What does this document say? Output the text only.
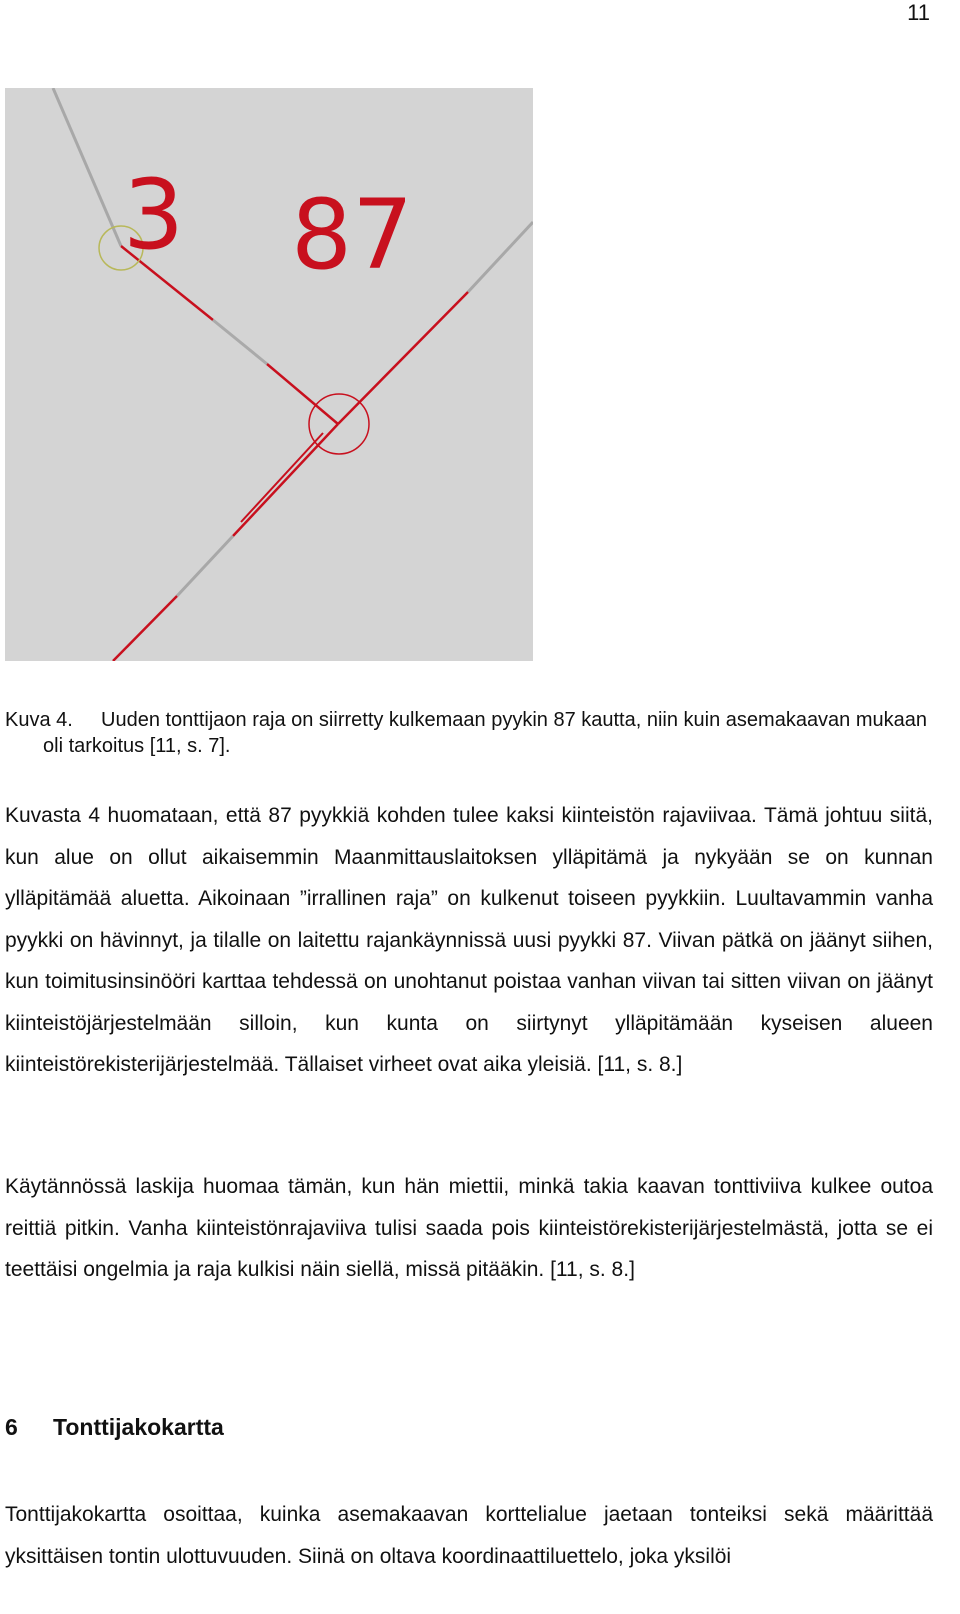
11
3 87
Kuva 4. Uuden tonttijaon raja on siirretty kulkemaan pyykin 87 kautta, niin kuin asemakaavan mukaan oli tarkoitus [11, s. 7].

Kuvasta 4 huomataan, että 87 pyykkiä kohden tulee kaksi kiinteistön rajaviivaa. Tämä johtuu siitä, kun alue on ollut aikaisemmin Maanmittauslaitoksen ylläpitämä ja nykyään se on kunnan ylläpitämää aluetta. Aikoinaan ”irrallinen raja” on kulkenut toiseen pyykkiin. Luultavammin vanha pyykki on hävinnyt, ja tilalle on laitettu rajankäynnissä uusi pyykki 87. Viivan pätkä on jäänyt siihen, kun toimitusinsinööri karttaa tehdessä on unohtanut poistaa vanhan viivan tai sitten viivan on jäänyt kiinteistöjärjestelmään silloin, kun kunta on siirtynyt ylläpitämään kyseisen alueen kiinteistörekisterijärjestelmää. Tällaiset virheet ovat aika yleisiä. [11, s. 8.]

Käytännössä laskija huomaa tämän, kun hän miettii, minkä takia kaavan tonttiviiva kulkee outoa reittiä pitkin. Vanha kiinteistönrajaviiva tulisi saada pois kiinteistörekisterijärjestelmästä, jotta se ei teettäisi ongelmia ja raja kulkisi näin siellä, missä pitääkin. [11, s. 8.]

6 Tonttijakokartta

Tonttijakokartta osoittaa, kuinka asemakaavan korttelialue jaetaan tonteiksi sekä määrittää yksittäisen tontin ulottuvuuden. Siinä on oltava koordinaattiluettelo, joka yksilöi
